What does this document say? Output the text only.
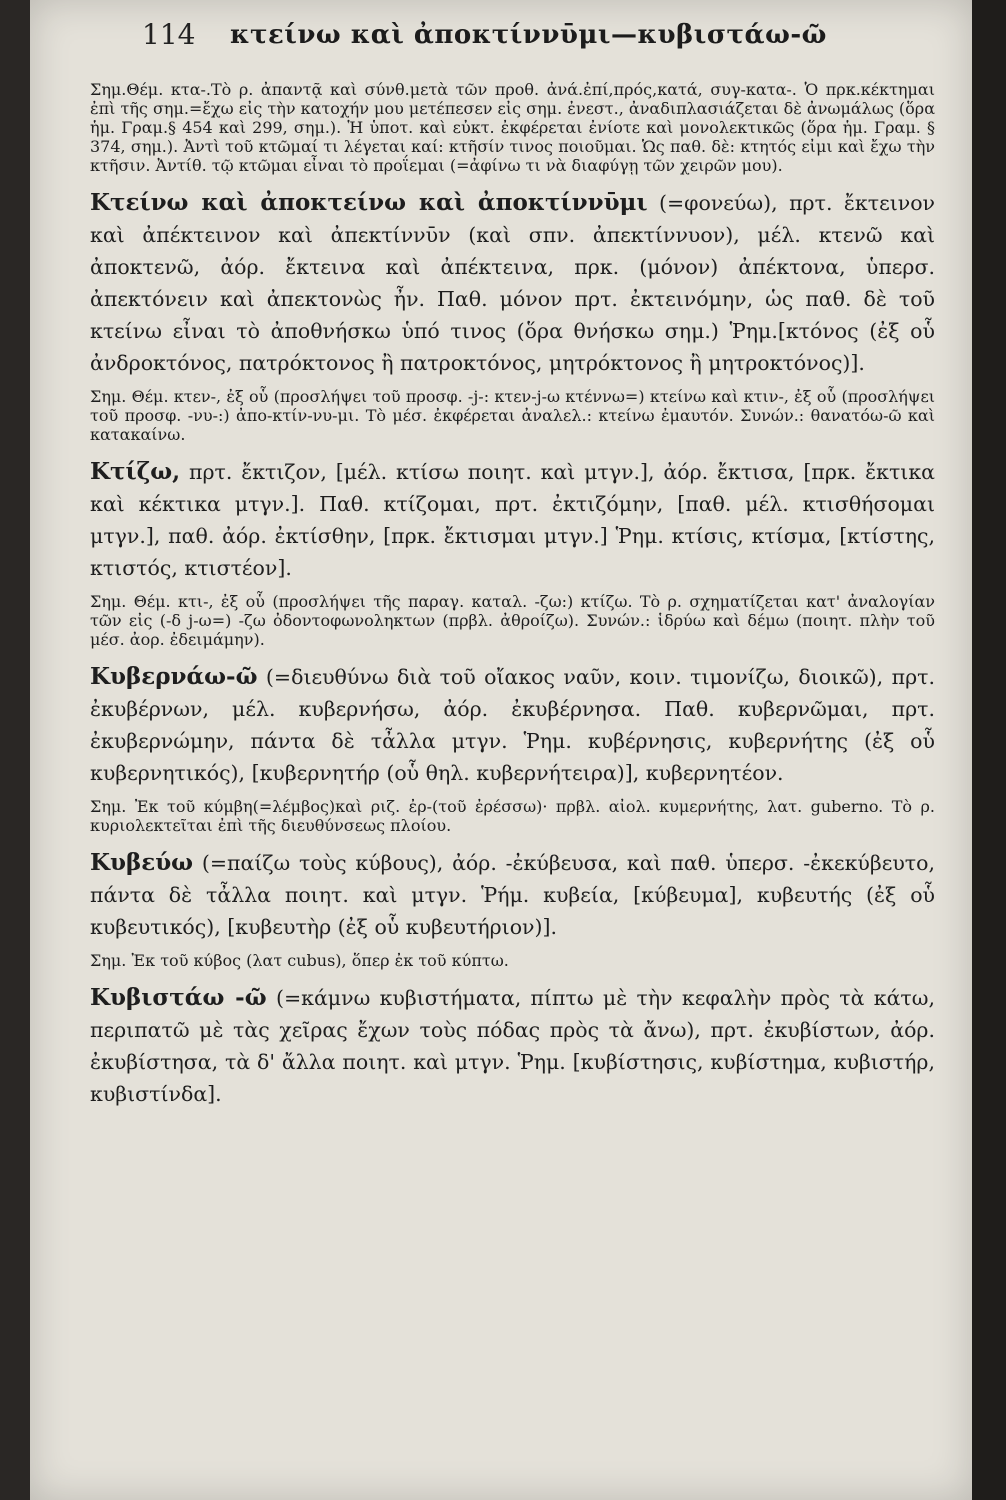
114 κτείνω καὶ ἀποκτίννῡμι—κυβιστάω-ῶ

Σημ.Θέμ. κτα-.Τὸ ρ. ἀπαντᾷ καὶ σύνθ.μετὰ τῶν προθ. ἀνά.ἐπί,πρός,κατά, συγ-κατα-. Ὁ πρκ.κέκτημαι ἐπὶ τῆς σημ.=ἔχω εἰς τὴν κατοχήν μου μετέπεσεν εἰς σημ. ἐνεστ., ἀναδιπλασιάζεται δὲ ἀνωμάλως (ὅρα ἡμ. Γραμ.§ 454 καὶ 299, σημ.). Ἡ ὑποτ. καὶ εὐκτ. ἐκφέρεται ἐνίοτε καὶ μονολεκτικῶς (ὅρα ἡμ. Γραμ. § 374, σημ.). Ἀντὶ τοῦ κτῶμαί τι λέγεται καί: κτῆσίν τινος ποιοῦμαι. Ὡς παθ. δὲ: κτητός εἰμι καὶ ἔχω τὴν κτῆσιν. Ἀντίθ. τῷ κτῶμαι εἶναι τὸ προΐεμαι (=ἀφίνω τι νὰ διαφύγῃ τῶν χειρῶν μου).

Κτείνω καὶ ἀποκτείνω καὶ ἀποκτίννῡμι (=φονεύω), πρτ. ἔκτεινον καὶ ἀπέκτεινον καὶ ἀπεκτίννῡν (καὶ σπν. ἀπεκτίννυον), μέλ. κτενῶ καὶ ἀποκτενῶ, ἀόρ. ἔκτεινα καὶ ἀπέκτεινα, πρκ. (μόνον) ἀπέκτονα, ὑπερσ. ἀπεκτόνειν καὶ ἀπεκτονὼς ἦν. Παθ. μόνον πρτ. ἐκτεινόμην, ὡς παθ. δὲ τοῦ κτείνω εἶναι τὸ ἀποθνήσκω ὑπό τινος (ὅρα θνήσκω σημ.) Ῥημ.[κτόνος (ἐξ οὗ ἀνδροκτόνος, πατρόκτονος ἢ πατροκτόνος, μητρόκτονος ἢ μητροκτόνος)].

Σημ. Θέμ. κτεν-, ἐξ οὗ (προσλήψει τοῦ προσφ. -j-: κτεν-j-ω κτέννω=) κτείνω καὶ κτιν-, ἐξ οὗ (προσλήψει τοῦ προσφ. -νυ-:) ἀπο-κτίν-νυ-μι. Τὸ μέσ. ἐκφέρεται ἀναλελ.: κτείνω ἐμαυτόν. Συνών.: θανατόω-ῶ καὶ κατακαίνω.

Κτίζω, πρτ. ἔκτιζον, [μέλ. κτίσω ποιητ. καὶ μτγν.], ἀόρ. ἔκτισα, [πρκ. ἔκτικα καὶ κέκτικα μτγν.]. Παθ. κτίζομαι, πρτ. ἐκτιζόμην, [παθ. μέλ. κτισθήσομαι μτγν.], παθ. ἀόρ. ἐκτίσθην, [πρκ. ἔκτισμαι μτγν.] Ῥημ. κτίσις, κτίσμα, [κτίστης, κτιστός, κτιστέον].

Σημ. Θέμ. κτι-, ἐξ οὗ (προσλήψει τῆς παραγ. καταλ. -ζω:) κτίζω. Τὸ ρ. σχηματίζεται κατ' ἀναλογίαν τῶν εἰς (-δ j-ω=) -ζω ὀδοντοφωνοληκτων (πρβλ. ἀθροίζω). Συνών.: ἱδρύω καὶ δέμω (ποιητ. πλὴν τοῦ μέσ. ἀορ. ἐδειμάμην).

Κυβερνάω-ῶ (=διευθύνω διὰ τοῦ οἴακος ναῦν, κοιν. τιμονίζω, διοικῶ), πρτ. ἐκυβέρνων, μέλ. κυβερνήσω, ἀόρ. ἐκυβέρνησα. Παθ. κυβερνῶμαι, πρτ. ἐκυβερνώμην, πάντα δὲ τἆλλα μτγν. Ῥημ. κυβέρνησις, κυβερνήτης (ἐξ οὗ κυβερνητικός), [κυβερνητήρ (οὗ θηλ. κυβερνήτειρα)], κυβερνητέον.

Σημ. Ἐκ τοῦ κύμβη(=λέμβος)καὶ ριζ. ἐρ-(τοῦ ἐρέσσω)· πρβλ. αἰολ. κυμερνήτης, λατ. guberno. Τὸ ρ. κυριολεκτεῖται ἐπὶ τῆς διευθύνσεως πλοίου.

Κυβεύω (=παίζω τοὺς κύβους), ἀόρ. -ἐκύβευσα, καὶ παθ. ὑπερσ. -ἐκεκύβευτο, πάντα δὲ τἆλλα ποιητ. καὶ μτγν. Ῥήμ. κυβεία, [κύβευμα], κυβευτής (ἐξ οὗ κυβευτικός), [κυβευτὴρ (ἐξ οὗ κυβευτήριον)].

Σημ. Ἐκ τοῦ κύβος (λατ cubus), ὅπερ ἐκ τοῦ κύπτω.

Κυβιστάω -ῶ (=κάμνω κυβιστήματα, πίπτω μὲ τὴν κεφαλὴν πρὸς τὰ κάτω, περιπατῶ μὲ τὰς χεῖρας ἔχων τοὺς πόδας πρὸς τὰ ἄνω), πρτ. ἐκυβίστων, ἀόρ. ἐκυβίστησα, τὰ δ' ἄλλα ποιητ. καὶ μτγν. Ῥημ. [κυβίστησις, κυβίστημα, κυβιστήρ, κυβιστίνδα].
